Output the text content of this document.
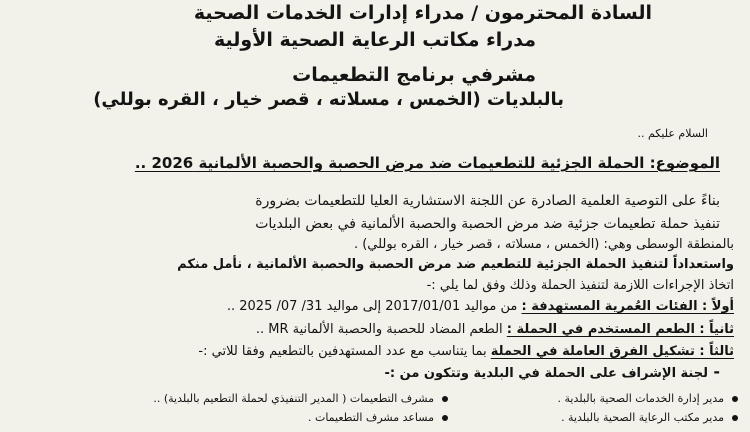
السادة المحترمون / مدراء إدارات الخدمات الصحية
مدراء مكاتب الرعاية الصحية الأولية
مشرفي برنامج التطعيمات
بالبلديات (الخمس ، مسلاته ، قصر خيار ، القره بوللي)
السلام عليكم ..
الموضوع: الحملة الجزئية للتطعيمات ضد مرض الحصبة والحصبة الألمانية 2026 ..
بناءً على التوصية العلمية الصادرة عن اللجنة الاستشارية العليا للتطعيمات بضرورة
تنفيذ حملة تطعيمات جزئية ضد مرض الحصبة والحصبة الألمانية في بعض البلديات
بالمنطقة الوسطى وهي: (الخمس ، مسلاته ، قصر خيار ، القره بوللي) .
واستعداداً لتنفيذ الحملة الجزئية للتطعيم ضد مرض الحصبة والحصبة الألمانية ، نأمل منكم
اتخاذ الإجراءات اللازمة لتنفيذ الحملة وذلك وفق لما يلي :-
أولاً : الفئات العُمرية المستهدفة : من مواليد 2017/01/01 إلى مواليد 31/ 07/ 2025 ..
ثانياً : الطعم المستخدم في الحملة : الطعم المضاد للحصبة والحصبة الألمانية MR ..
ثالثاً : تشكيل الفرق العاملة في الحملة بما يتناسب مع عدد المستهدفين بالتطعيم وفقا للاتي :-
-
لجنة الإشراف على الحملة في البلدية وتتكون من :-
مدير إدارة الخدمات الصحية بالبلدية .
مدير مكتب الرعاية الصحية بالبلدية .
مشرف التطعيمات ( المدير التنفيذي لحملة التطعيم بالبلدية) ..
مساعد مشرف التطعيمات .
